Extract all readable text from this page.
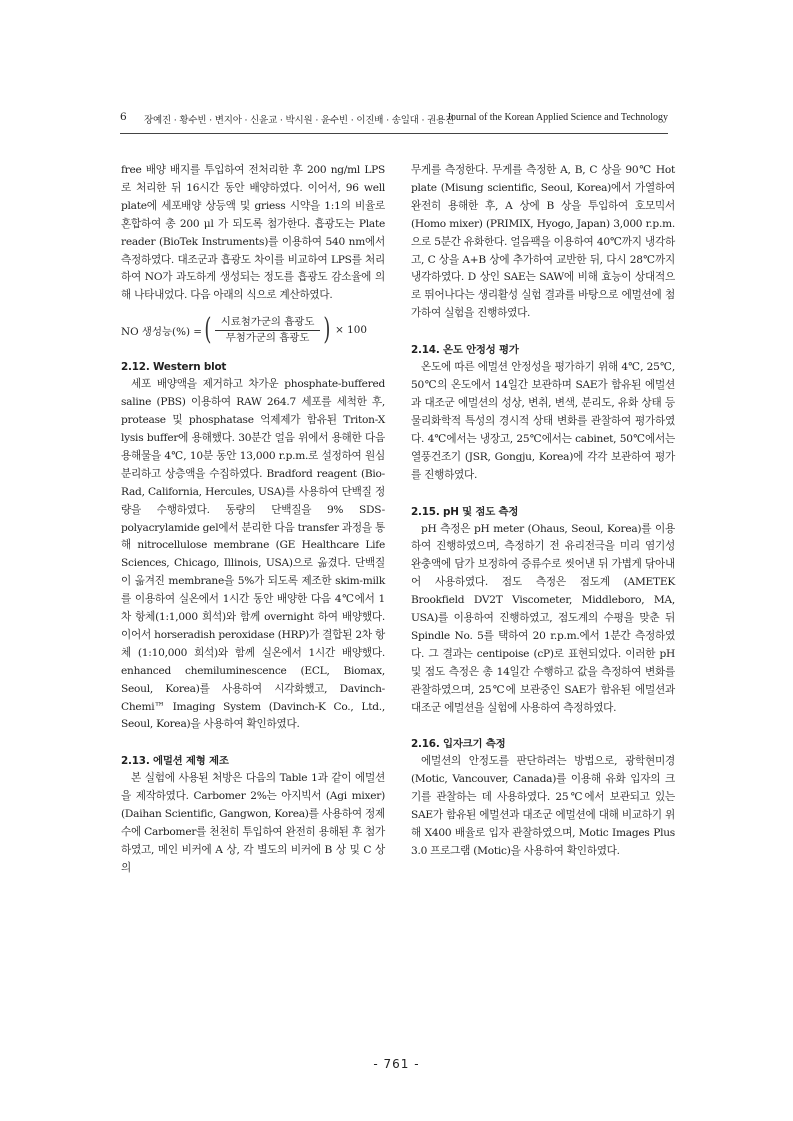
6 장예진 · 황수빈 · 변지아 · 신윤교 · 박시원 · 윤수빈 · 이진배 · 송일대 · 권용진
Journal of the Korean Applied Science and Technology

free 배양 배지를 투입하여 전처리한 후 200 ng/ml LPS로 처리한 뒤 16시간 동안 배양하였다. 이어서, 96 well plate에 세포배양 상등액 및 griess 시약을 1:1의 비율로 혼합하여 총 200 μl 가 되도록 첨가한다. 흡광도는 Plate reader (BioTek Instruments)를 이용하여 540 nm에서 측정하였다. 대조군과 흡광도 차이를 비교하여 LPS를 처리하여 NO가 과도하게 생성되는 정도를 흡광도 감소율에 의해 나타내었다. 다음 아래의 식으로 계산하였다.

NO 생성능(%) = ( $\frac{\text{시료첨가군의 흡광도}}{\text{무첨가군의 흡광도}}$ ) × 100
2.12. Western blot

세포 배양액을 제거하고 차가운 phosphate-buffered saline (PBS) 이용하여 RAW 264.7 세포를 세척한 후, protease 및 phosphatase 억제제가 함유된 Triton-X lysis buffer에 용해했다. 30분간 얼음 위에서 용해한 다음 용해물을 4℃, 10분 동안 13,000 r.p.m.로 설정하여 원심분리하고 상층액을 수집하였다. Bradford reagent (Bio-Rad, California, Hercules, USA)를 사용하여 단백질 정량을 수행하였다. 동량의 단백질을 9% SDS-polyacrylamide gel에서 분리한 다음 transfer 과정을 통해 nitrocellulose membrane (GE Healthcare Life Sciences, Chicago, Illinois, USA)으로 옮겼다. 단백질이 옮겨진 membrane을 5%가 되도록 제조한 skim-milk를 이용하여 실온에서 1시간 동안 배양한 다음 4℃에서 1차 항체(1:1,000 희석)와 함께 overnight 하여 배양했다. 이어서 horseradish peroxidase (HRP)가 결합된 2차 항체 (1:10,000 희석)와 함께 실온에서 1시간 배양했다. enhanced chemiluminescence (ECL, Biomax, Seoul, Korea)를 사용하여 시각화했고, Davinch-Chemi™ Imaging System (Davinch-K Co., Ltd., Seoul, Korea)을 사용하여 확인하였다.

2.13. 에멀션 제형 제조

본 실험에 사용된 처방은 다음의 Table 1과 같이 에멀션을 제작하였다. Carbomer 2%는 아지빅서 (Agi mixer) (Daihan Scientific, Gangwon, Korea)를 사용하여 정제수에 Carbomer를 천천히 투입하여 완전히 용해된 후 첨가하였고, 메인 비커에 A 상, 각 별도의 비커에 B 상 및 C 상의

무게를 측정한다. 무게를 측정한 A, B, C 상을 90℃ Hot plate (Misung scientific, Seoul, Korea)에서 가열하여 완전히 용해한 후, A 상에 B 상을 투입하여 호모믹서 (Homo mixer) (PRIMIX, Hyogo, Japan) 3,000 r.p.m.으로 5분간 유화한다. 얼음팩을 이용하여 40℃까지 냉각하고, C 상을 A+B 상에 추가하여 교반한 뒤, 다시 28℃까지 냉각하였다. D 상인 SAE는 SAW에 비해 효능이 상대적으로 뛰어나다는 생리활성 실험 결과를 바탕으로 에멀션에 첨가하여 실험을 진행하였다.

2.14. 온도 안정성 평가

온도에 따른 에멀션 안정성을 평가하기 위해 4℃, 25℃, 50℃의 온도에서 14일간 보관하며 SAE가 함유된 에멀션과 대조군 에멀션의 성상, 변취, 변색, 분리도, 유화 상태 등 물리화학적 특성의 경시적 상태 변화를 관찰하여 평가하였다. 4℃에서는 냉장고, 25℃에서는 cabinet, 50℃에서는 열풍건조기 (JSR, Gongju, Korea)에 각각 보관하여 평가를 진행하였다.

2.15. pH 및 점도 측정

pH 측정은 pH meter (Ohaus, Seoul, Korea)를 이용하여 진행하였으며, 측정하기 전 유리전극을 미리 염기성 완충액에 담가 보정하여 증류수로 씻어낸 뒤 가볍게 닦아내어 사용하였다. 점도 측정은 점도계 (AMETEK Brookfield DV2T Viscometer, Middleboro, MA, USA)를 이용하여 진행하였고, 점도계의 수평을 맞춘 뒤 Spindle No. 5를 택하여 20 r.p.m.에서 1분간 측정하였다. 그 결과는 centipoise (cP)로 표현되었다. 이러한 pH 및 점도 측정은 총 14일간 수행하고 값을 측정하여 변화를 관찰하였으며, 25℃에 보관중인 SAE가 함유된 에멀션과 대조군 에멀션을 실험에 사용하여 측정하였다.

2.16. 입자크기 측정

에멀션의 안정도를 판단하려는 방법으로, 광학현미경 (Motic, Vancouver, Canada)를 이용해 유화 입자의 크기를 관찰하는 데 사용하였다. 25℃에서 보관되고 있는 SAE가 함유된 에멀션과 대조군 에멀션에 대해 비교하기 위해 X400 배율로 입자 관찰하였으며, Motic Images Plus 3.0 프로그램 (Motic)을 사용하여 확인하였다.

- 761 -
